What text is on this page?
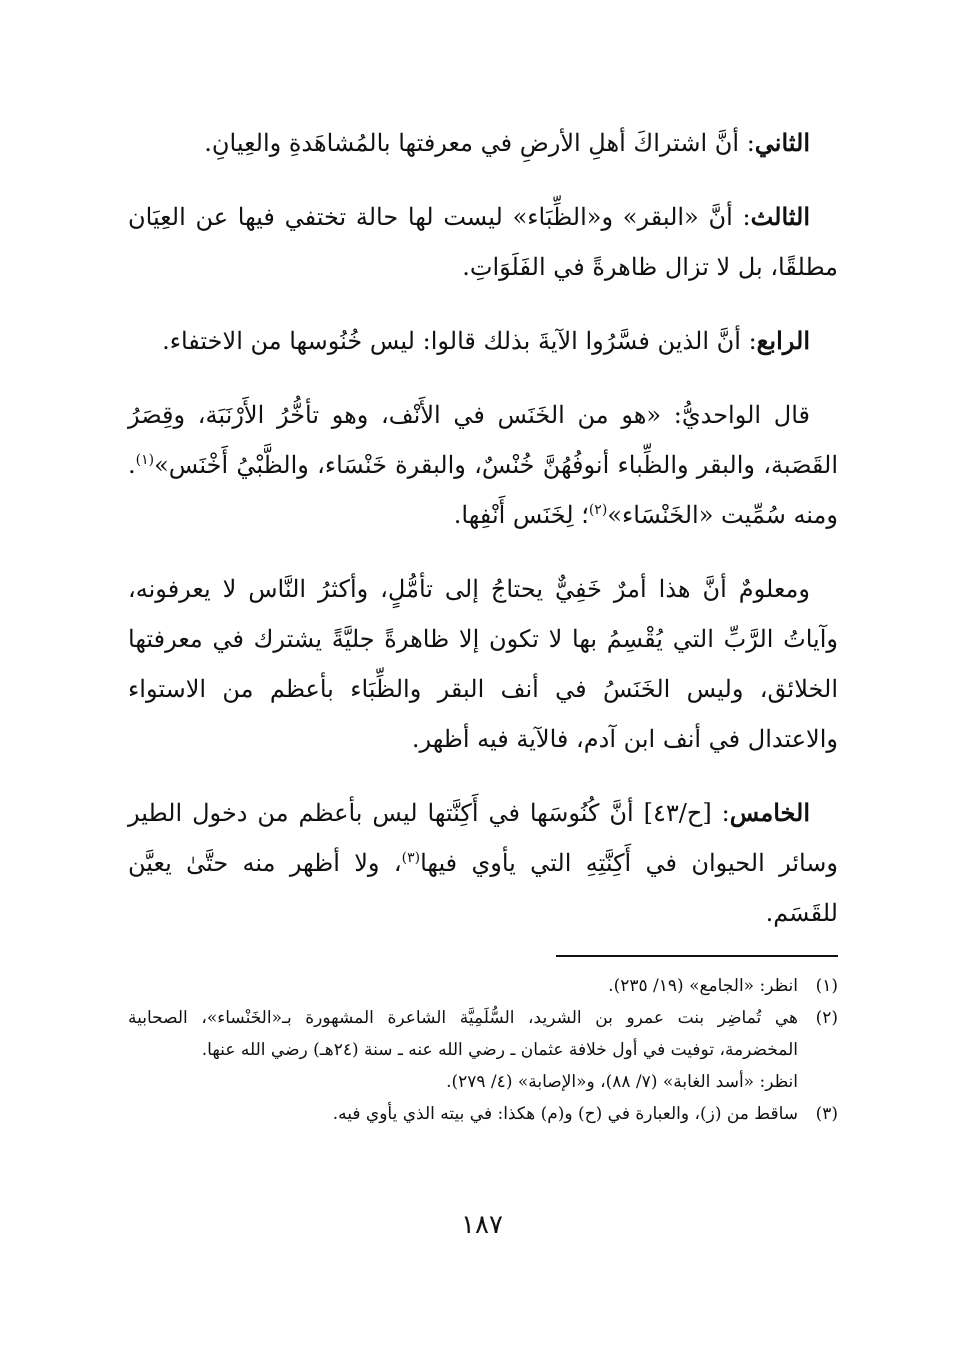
الثاني: أنَّ اشتراكَ أهلِ الأرضِ في معرفتها بالمُشاهَدةِ والعِيانِ.

الثالث: أنَّ «البقر» و«الظِّبَاء» ليست لها حالة تختفي فيها عن العِيَان مطلقًا، بل لا تزال ظاهرةً في الفَلَوَاتِ.

الرابع: أنَّ الذين فسَّرُوا الآيةَ بذلك قالوا: ليس خُنُوسها من الاختفاء.

قال الواحديُّ: «هو من الخَنَس في الأَنْف، وهو تأخُّرُ الأَرْنَبَة، وقِصَرُ القَصَبة، والبقر والظِّباء أنوفُهُنَّ خُنْسٌ، والبقرة خَنْسَاء، والظَّبْيُ أَخْنَس»$^{(١)}$. ومنه سُمِّيت «الخَنْسَاء»$^{(٢)}$؛ لِخَنَس أَنْفِها.

ومعلومٌ أنَّ هذا أمرٌ خَفِيٌّ يحتاجُ إلى تأمُّلٍ، وأكثرُ النَّاس لا يعرفونه، وآياتُ الرَّبِّ التي يُقْسِمُ بها لا تكون إلا ظاهرةً جليَّةً يشترك في معرفتها الخلائق، وليس الخَنَسُ في أنف البقر والظِّبَاء بأعظم من الاستواء والاعتدال في أنف ابن آدم، فالآية فيه أظهر.

الخامس: [ح/٤٣] أنَّ كُنُوسَها في أَكِنَّتها ليس بأعظم من دخول الطير وسائر الحيوان في أَكِنَّتِهِ التي يأوي فيها$^{(٣)}$، ولا أظهر منه حتَّىٰ يعيَّن للقَسَم.

(١)
انظر: «الجامع» (١٩/ ٢٣٥).
(٢)
هي تُماضِر بنت عمرو بن الشريد، السُّلَمِيَّة الشاعرة المشهورة بـ«الخَنْساء»، الصحابية المخضرمة، توفيت في أول خلافة عثمان ـ رضي الله عنه ـ سنة (٢٤هـ) رضي الله عنها.
انظر: «أسد الغابة» (٧/ ٨٨)، و«الإصابة» (٤/ ٢٧٩).
(٣)
ساقط من (ز)، والعبارة في (ح) و(م) هكذا: في بيته الذي يأوي فيه.
١٨٧
